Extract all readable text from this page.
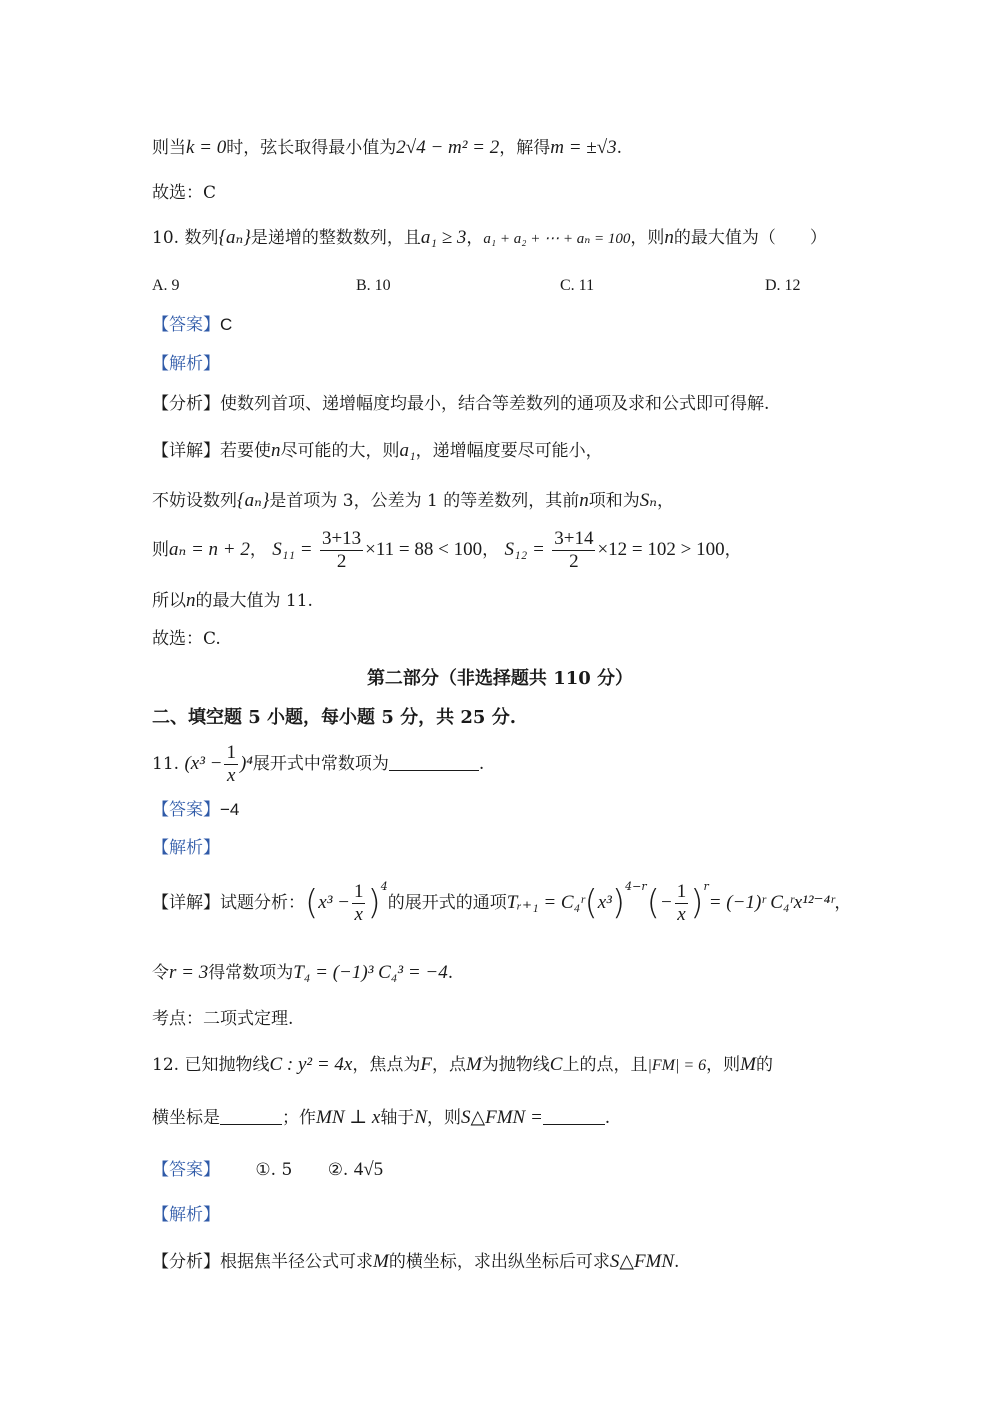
则当k = 0时，弦长取得最小值为2√4 − m² = 2，解得m = ±√3.
故选：C
10. 数列{aₙ}是递增的整数数列，且a₁ ≥ 3，a₁ + a₂ + ⋯ + aₙ = 100，则n的最大值为（　　）
A. 9	B. 10	C. 11	D. 12
【答案】C
【解析】
【分析】使数列首项、递增幅度均最小，结合等差数列的通项及求和公式即可得解.
【详解】若要使n尽可能的大，则a₁，递增幅度要尽可能小，
不妨设数列{aₙ}是首项为 3，公差为 1 的等差数列，其前n项和为Sₙ，
则aₙ = n + 2， $S_{11} = \frac{3+13}{2} \times 11 = 88 < 100$， $S_{12} = \frac{3+14}{2} \times 12 = 102 > 100$，
所以n的最大值为 11.
故选：C.
第二部分（非选择题共 110 分）
二、填空题 5 小题，每小题 5 分，共 25 分.
11. $(x^3 - \frac{1}{x} )^4$展开式中常数项为	.
【答案】−4
【解析】
【详解】试题分析：$(x^3 - \frac{1}{x} )^4$的展开式的通项Tᵣ₊₁ = $C_4ʳ(x^3)^{4-r}(- \frac{1}{x} )^r=$ (−1)ʳ C₄ʳx¹²⁻⁴ʳ，
令r = 3得常数项为T₄ = (−1)³ C₄³ = −4.
考点：二项式定理.
12. 已知抛物线C : y² = 4x，焦点为F，点M为抛物线C上的点，且|FM| = 6，则M的
横坐标是	；作MN ⊥ x轴于N，则S△FMN =	.
【答案】 ①. 5 ②. 4√5
【解析】
【分析】根据焦半径公式可求M的横坐标，求出纵坐标后可求S△FMN.
